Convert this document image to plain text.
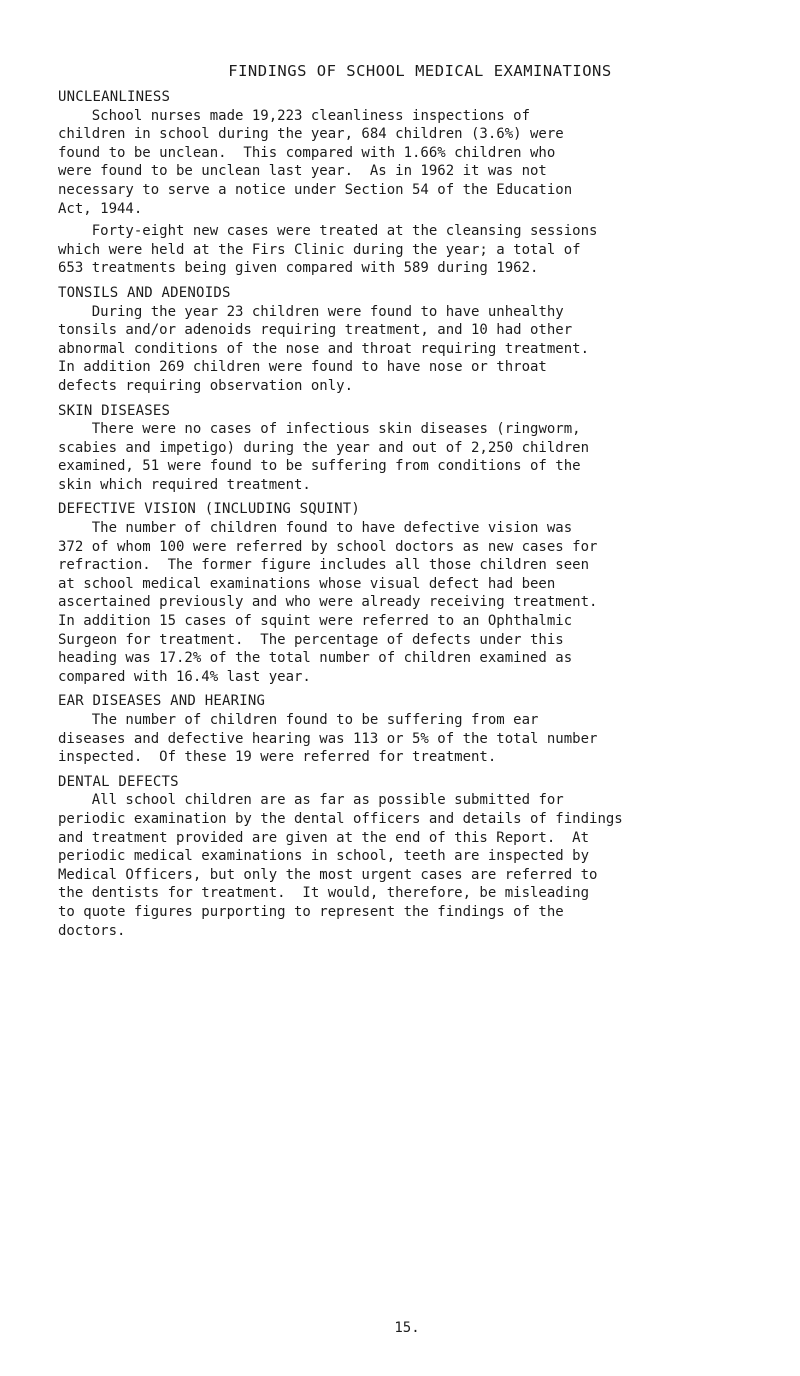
FINDINGS OF SCHOOL MEDICAL EXAMINATIONS
UNCLEANLINESS

School nurses made 19,223 cleanliness inspections of
children in school during the year, 684 children (3.6%) were
found to be unclean.  This compared with 1.66% children who
were found to be unclean last year.  As in 1962 it was not
necessary to serve a notice under Section 54 of the Education
Act, 1944.

Forty-eight new cases were treated at the cleansing sessions
which were held at the Firs Clinic during the year; a total of
653 treatments being given compared with 589 during 1962.

TONSILS AND ADENOIDS

During the year 23 children were found to have unhealthy
tonsils and/or adenoids requiring treatment, and 10 had other
abnormal conditions of the nose and throat requiring treatment.
In addition 269 children were found to have nose or throat
defects requiring observation only.

SKIN DISEASES

There were no cases of infectious skin diseases (ringworm,
scabies and impetigo) during the year and out of 2,250 children
examined, 51 were found to be suffering from conditions of the
skin which required treatment.

DEFECTIVE VISION (INCLUDING SQUINT)

The number of children found to have defective vision was
372 of whom 100 were referred by school doctors as new cases for
refraction.  The former figure includes all those children seen
at school medical examinations whose visual defect had been
ascertained previously and who were already receiving treatment.
In addition 15 cases of squint were referred to an Ophthalmic
Surgeon for treatment.  The percentage of defects under this
heading was 17.2% of the total number of children examined as
compared with 16.4% last year.

EAR DISEASES AND HEARING

The number of children found to be suffering from ear
diseases and defective hearing was 113 or 5% of the total number
inspected.  Of these 19 were referred for treatment.

DENTAL DEFECTS

All school children are as far as possible submitted for
periodic examination by the dental officers and details of findings
and treatment provided are given at the end of this Report.  At
periodic medical examinations in school, teeth are inspected by
Medical Officers, but only the most urgent cases are referred to
the dentists for treatment.  It would, therefore, be misleading
to quote figures purporting to represent the findings of the
doctors.

15.
